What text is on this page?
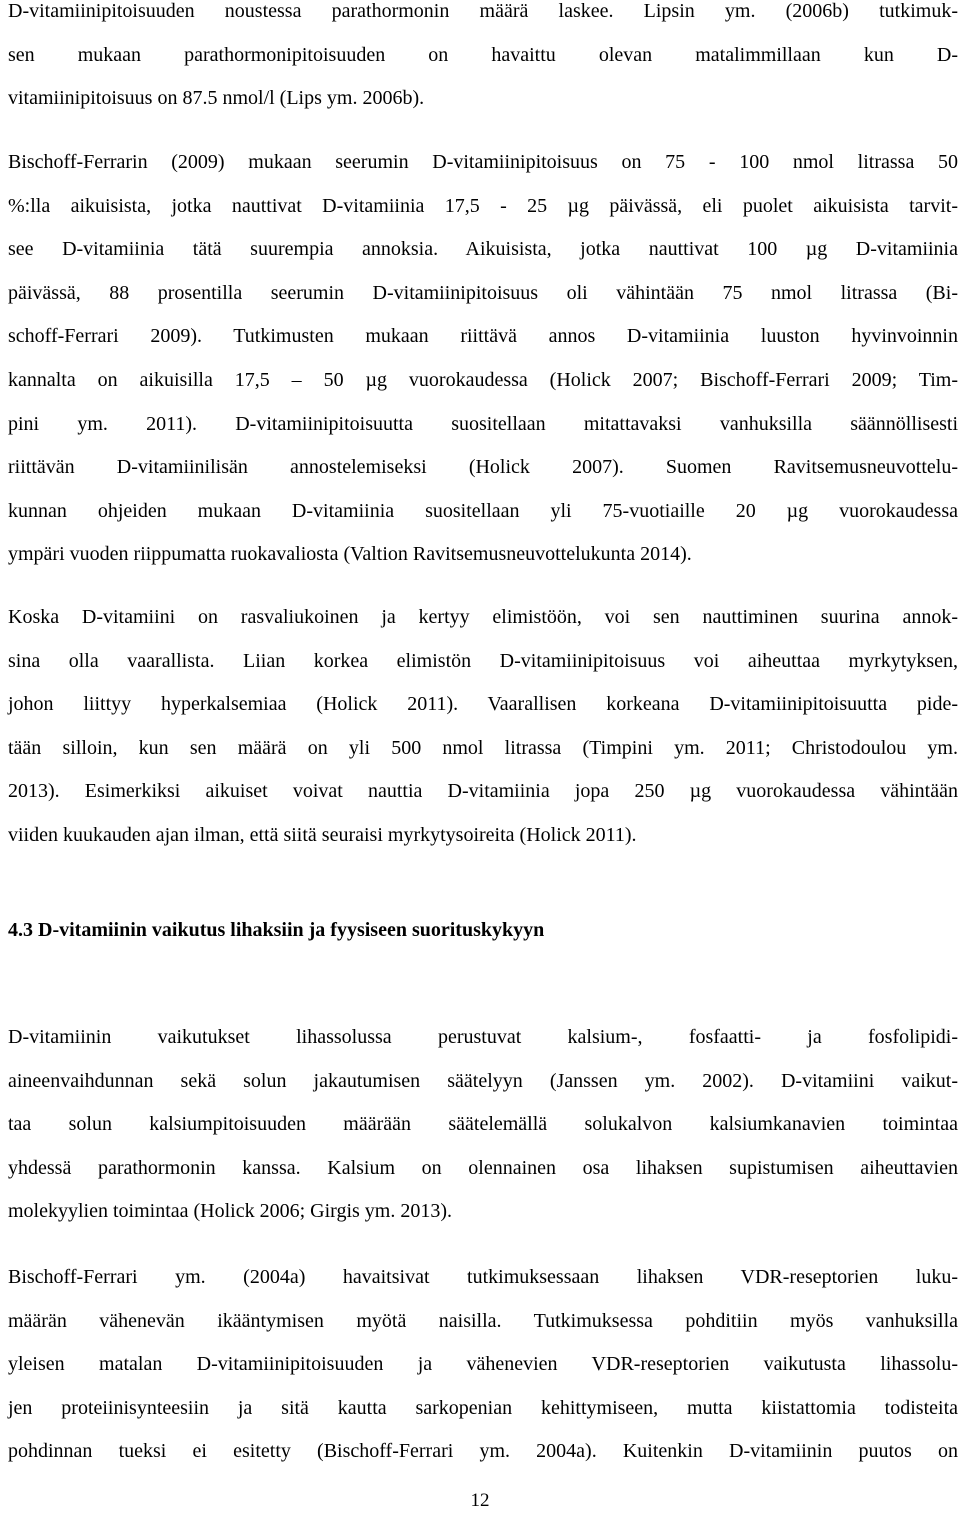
D-vitamiinipitoisuuden noustessa parathormonin määrä laskee. Lipsin ym. (2006b) tutkimuk-
sen mukaan parathormonipitoisuuden on havaittu olevan matalimmillaan kun D-
vitamiinipitoisuus on 87.5 nmol/l (Lips ym. 2006b).
Bischoff-Ferrarin (2009) mukaan seerumin D-vitamiinipitoisuus on 75 - 100 nmol litrassa 50
%:lla aikuisista, jotka nauttivat D-vitamiinia 17,5 - 25 µg päivässä, eli puolet aikuisista tarvit-
see D-vitamiinia tätä suurempia annoksia. Aikuisista, jotka nauttivat 100 µg D-vitamiinia
päivässä, 88 prosentilla seerumin D-vitamiinipitoisuus oli vähintään 75 nmol litrassa (Bi-
schoff-Ferrari 2009). Tutkimusten mukaan riittävä annos D-vitamiinia luuston hyvinvoinnin
kannalta on aikuisilla 17,5 – 50 µg vuorokaudessa (Holick 2007; Bischoff-Ferrari 2009; Tim-
pini ym. 2011). D-vitamiinipitoisuutta suositellaan mitattavaksi vanhuksilla säännöllisesti
riittävän D-vitamiinilisän annostelemiseksi (Holick 2007). Suomen Ravitsemusneuvottelu-
kunnan ohjeiden mukaan D-vitamiinia suositellaan yli 75-vuotiaille 20 µg vuorokaudessa
ympäri vuoden riippumatta ruokavaliosta (Valtion Ravitsemusneuvottelukunta 2014).
Koska D-vitamiini on rasvaliukoinen ja kertyy elimistöön, voi sen nauttiminen suurina annok-
sina olla vaarallista. Liian korkea elimistön D-vitamiinipitoisuus voi aiheuttaa myrkytyksen,
johon liittyy hyperkalsemiaa (Holick 2011). Vaarallisen korkeana D-vitamiinipitoisuutta pide-
tään silloin, kun sen määrä on yli 500 nmol litrassa (Timpini ym. 2011; Christodoulou ym.
2013). Esimerkiksi aikuiset voivat nauttia D-vitamiinia jopa 250 µg vuorokaudessa vähintään
viiden kuukauden ajan ilman, että siitä seuraisi myrkytysoireita (Holick 2011).
4.3 D-vitamiinin vaikutus lihaksiin ja fyysiseen suorituskykyyn
D-vitamiinin vaikutukset lihassolussa perustuvat kalsium-, fosfaatti- ja fosfolipidi-
aineenvaihdunnan sekä solun jakautumisen säätelyyn (Janssen ym. 2002). D-vitamiini vaikut-
taa solun kalsiumpitoisuuden määrään säätelemällä solukalvon kalsiumkanavien toimintaa
yhdessä parathormonin kanssa. Kalsium on olennainen osa lihaksen supistumisen aiheuttavien
molekyylien toimintaa (Holick 2006; Girgis ym. 2013).
Bischoff-Ferrari ym. (2004a) havaitsivat tutkimuksessaan lihaksen VDR-reseptorien luku-
määrän vähenevän ikääntymisen myötä naisilla. Tutkimuksessa pohditiin myös vanhuksilla
yleisen matalan D-vitamiinipitoisuuden ja vähenevien VDR-reseptorien vaikutusta lihassolu-
jen proteiinisynteesiin ja sitä kautta sarkopenian kehittymiseen, mutta kiistattomia todisteita
pohdinnan tueksi ei esitetty (Bischoff-Ferrari ym. 2004a). Kuitenkin D-vitamiinin puutos on
12
